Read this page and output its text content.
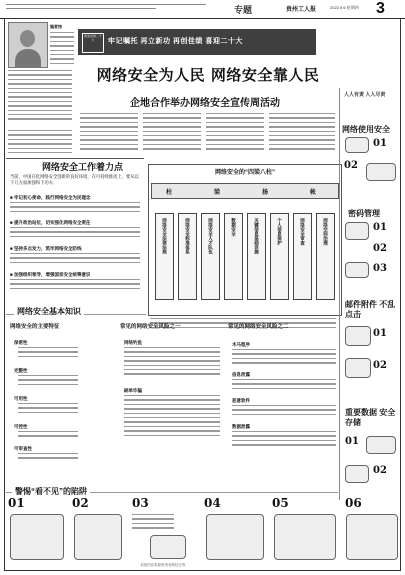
专题	贵州工人报	2022.9.6 星期四 3
喜迎党的二十大	牢记嘱托 再立新功 再创佳绩 喜迎二十大
编者按
网络安全为人民 网络安全靠人民
企地合作举办网络安全宣传周活动
网络安全工作着力点
当前，中国在化网络安全创新的良好环境，在可持续推动上，要从以下几方面加强和下功夫：
■ 牢记初心使命，践行网络安全为民理念
■ 提升政治站位，切实强化网络安全责任
■ 坚持多点发力，筑牢网络安全防线
■ 加强组织领导，增强国家安全统筹意识
网络安全的“四梁八柱”
柱	梁	扬	帐
网络安全法律法规	网络安全标准体系	网络安全人才队伍	数据安全	关键信息基础设施	个人信息保护	网络安全审查	网络空间治理
人人有责 人人尽责
网络使用安全
01
02
密码管理
01
02
03
邮件附件 不乱点击
01
02
重要数据 安全存储
01
02
网络安全基本知识
网络安全的主要特征
保密性
完整性
可用性
可控性
可审查性
常见的网络安全风险之一
网络钓鱼
刷单诈骗
常见的网络安全风险之二
木马程序
信息泄露
恶意软件
数据泄露
警惕“看不见”的陷阱
01	02	03	04	05	06
本版内容来源贵州省网信办等
